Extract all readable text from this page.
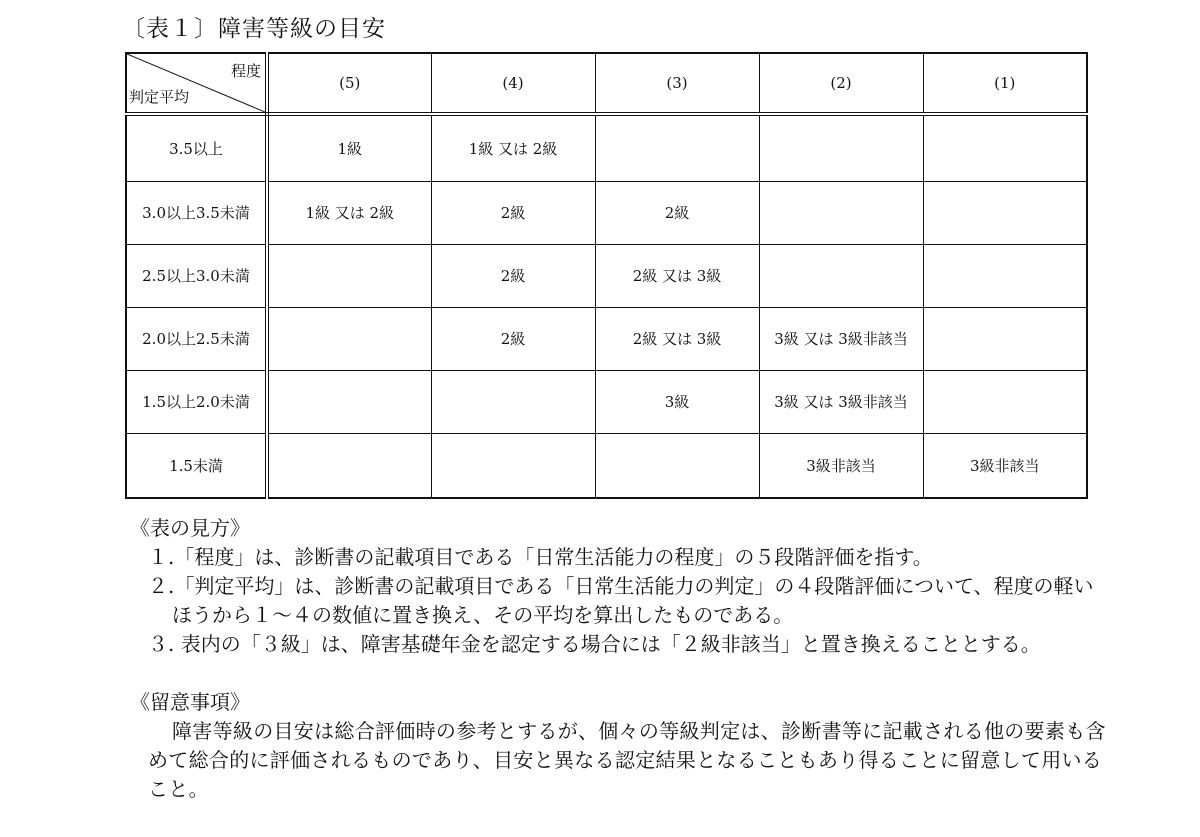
〔表１〕障害等級の目安
程度
判定平均	(5)	(4)	(3)	(2)	(1)
3.5以上	1級	1級 又は 2級			
3.0以上3.5未満	1級 又は 2級	2級	2級		
2.5以上3.0未満		2級	2級 又は 3級		
2.0以上2.5未満		2級	2級 又は 3級	3級 又は 3級非該当	
1.5以上2.0未満			3級	3級 又は 3級非該当	
1.5未満				3級非該当	3級非該当

《表の見方》

１.「程度」は、診断書の記載項目である「日常生活能力の程度」の５段階評価を指す。

２.「判定平均」は、診断書の記載項目である「日常生活能力の判定」の４段階評価について、程度の軽いほうから１～４の数値に置き換え、その平均を算出したものである。

３. 表内の「３級」は、障害基礎年金を認定する場合には「２級非該当」と置き換えることとする。

《留意事項》

障害等級の目安は総合評価時の参考とするが、個々の等級判定は、診断書等に記載される他の要素も含めて総合的に評価されるものであり、目安と異なる認定結果となることもあり得ることに留意して用いること。
